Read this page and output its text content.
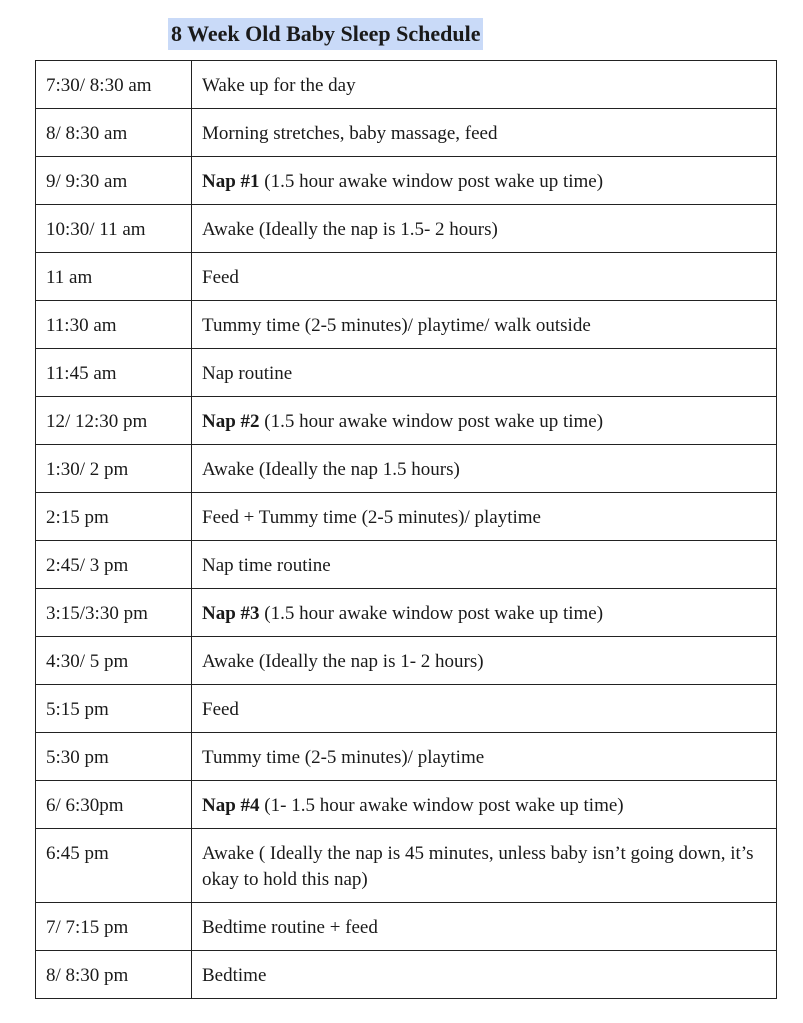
8 Week Old Baby Sleep Schedule
7:30/ 8:30 am	Wake up for the day
8/ 8:30 am	Morning stretches, baby massage, feed
9/ 9:30 am	Nap #1 (1.5 hour awake window post wake up time)
10:30/ 11 am	Awake (Ideally the nap is 1.5- 2 hours)
11 am	Feed
11:30 am	Tummy time (2-5 minutes)/ playtime/ walk outside
11:45 am	Nap routine
12/ 12:30 pm	Nap #2 (1.5 hour awake window post wake up time)
1:30/ 2 pm	Awake (Ideally the nap 1.5 hours)
2:15 pm	Feed + Tummy time (2-5 minutes)/ playtime
2:45/ 3 pm	Nap time routine
3:15/3:30 pm	Nap #3 (1.5 hour awake window post wake up time)
4:30/ 5 pm	Awake (Ideally the nap is 1- 2 hours)
5:15 pm	Feed
5:30 pm	Tummy time (2-5 minutes)/ playtime
6/ 6:30pm	Nap #4 (1- 1.5 hour awake window post wake up time)
6:45 pm	Awake ( Ideally the nap is 45 minutes, unless baby isn’t going down, it’s okay to hold this nap)
7/ 7:15 pm	Bedtime routine + feed
8/ 8:30 pm	Bedtime
